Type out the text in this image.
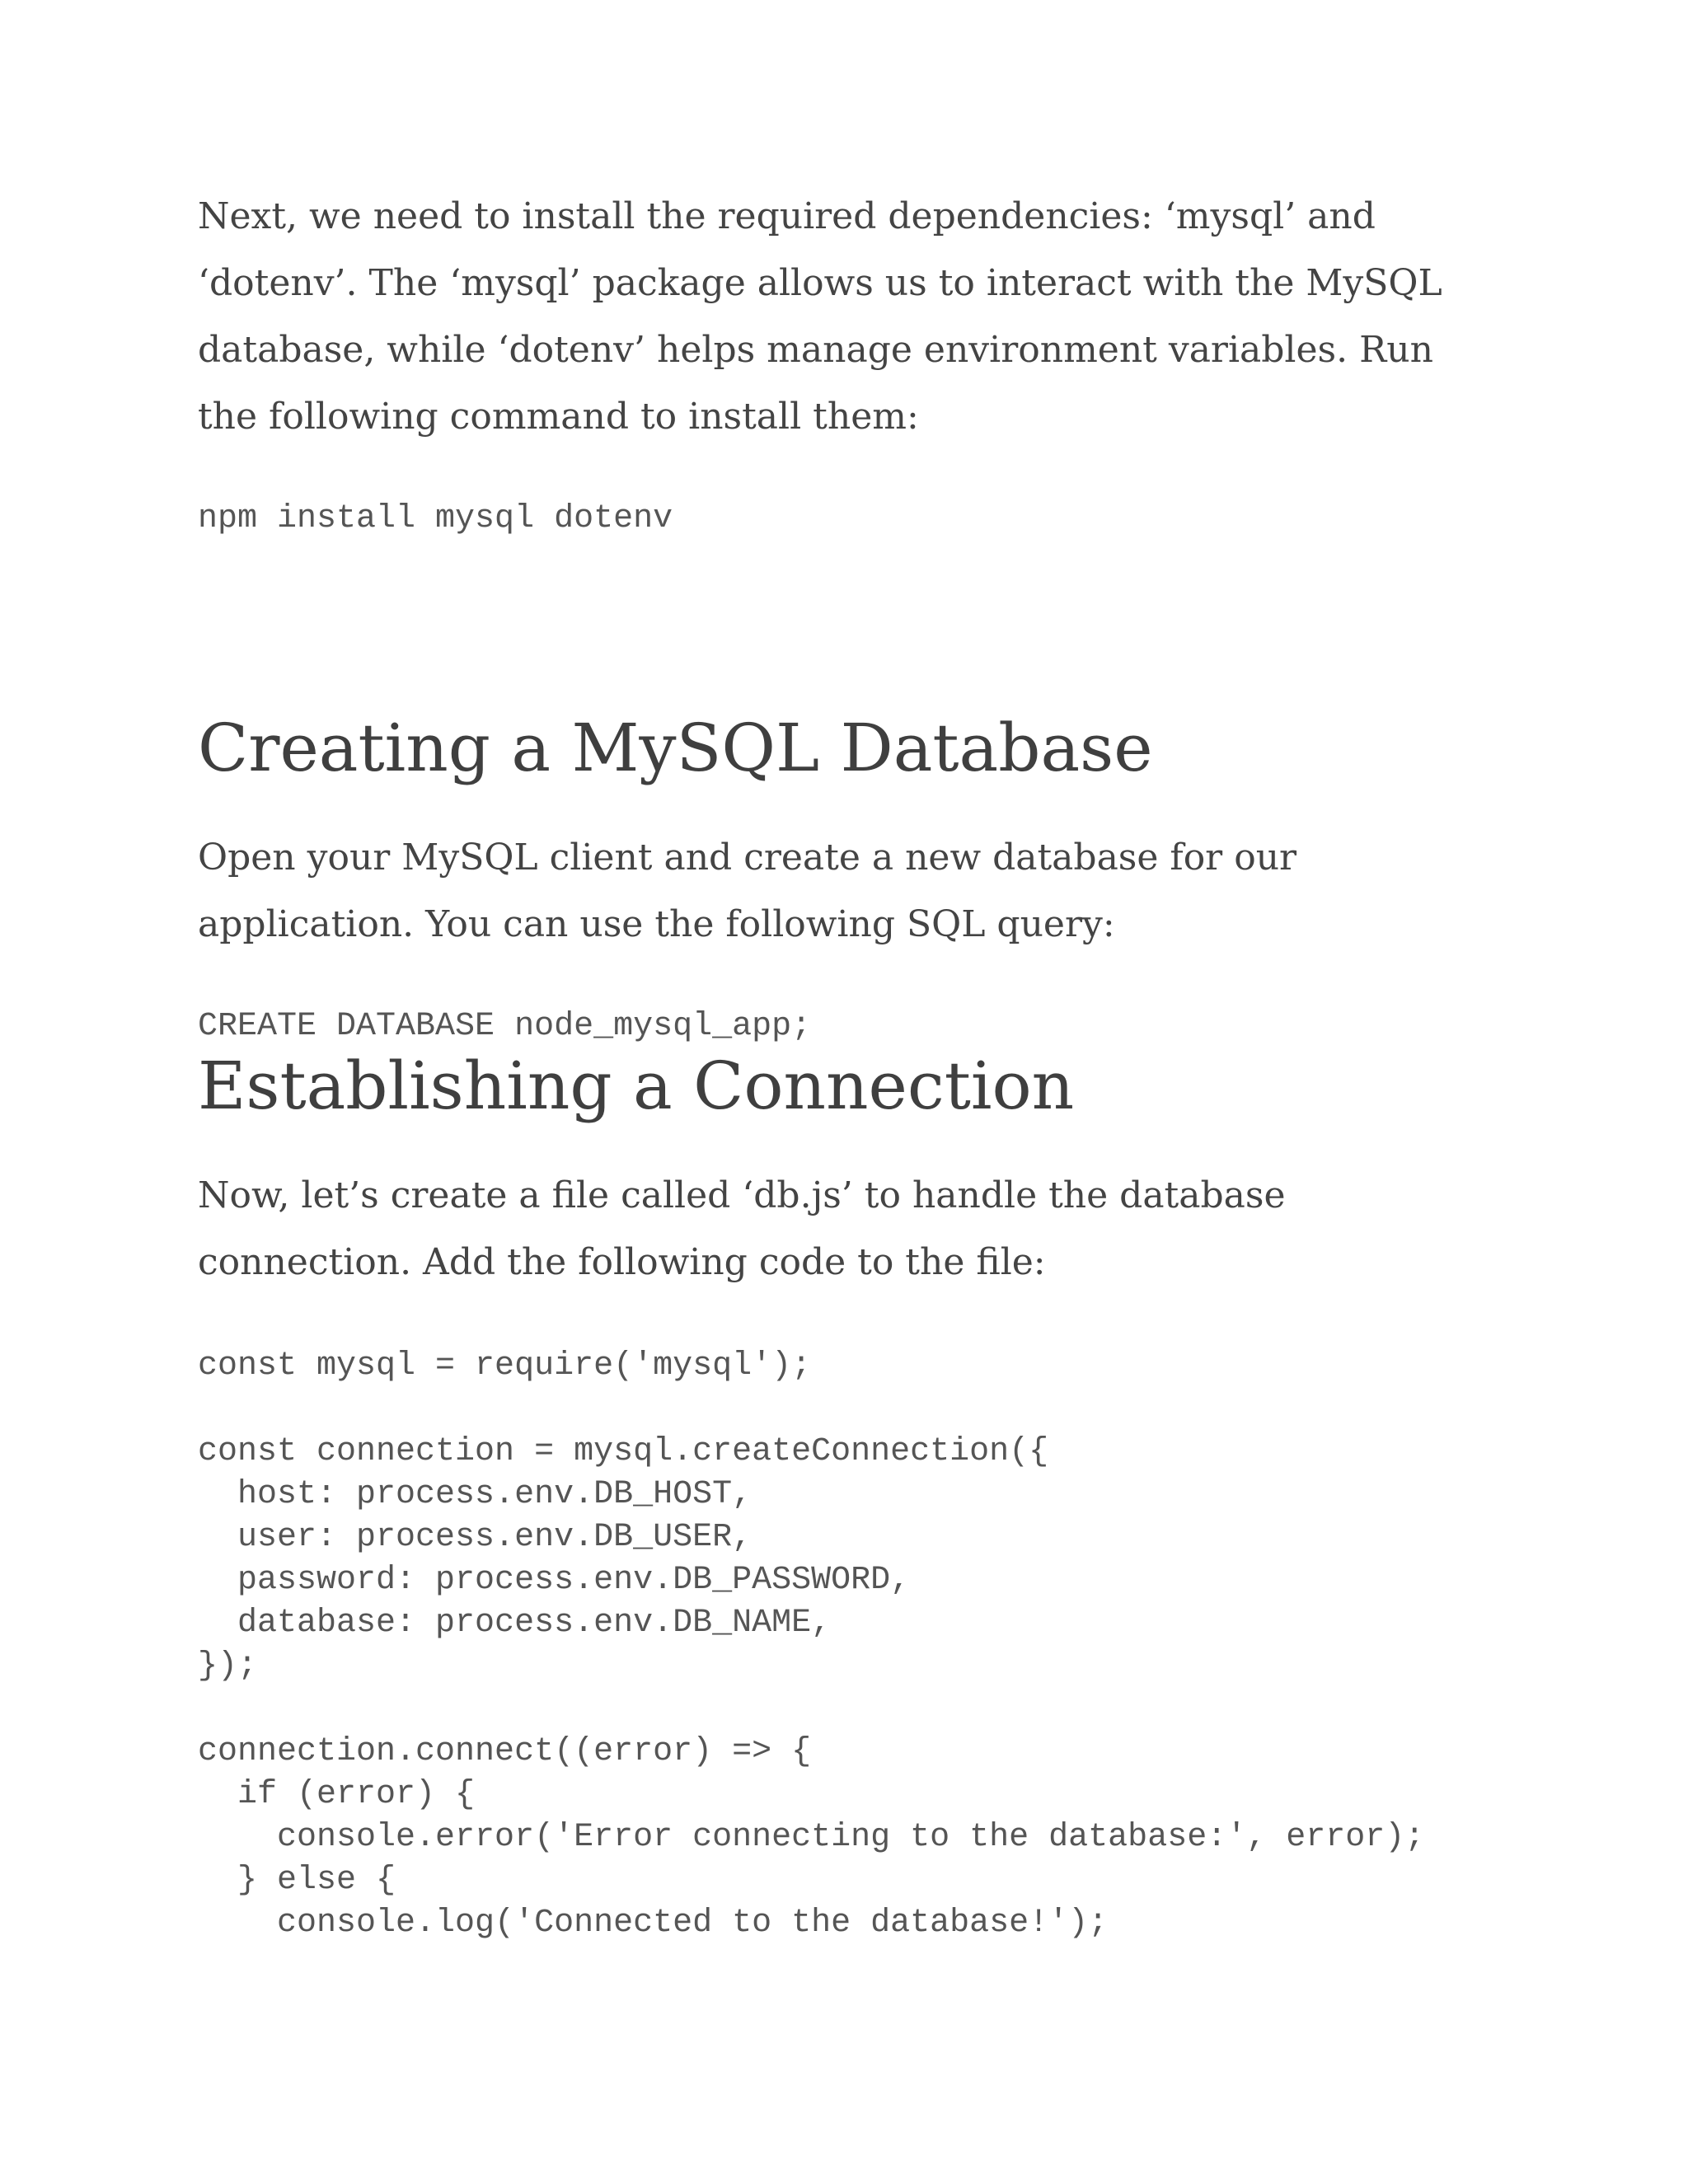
Next, we need to install the required dependencies: ‘mysql’ and ‘dotenv’. The ‘mysql’ package allows us to interact with the MySQL database, while ‘dotenv’ helps manage environment variables. Run the following command to install them:

npm install mysql dotenv
Creating a MySQL Database

Open your MySQL client and create a new database for our application. You can use the following SQL query:

CREATE DATABASE node_mysql_app;
Establishing a Connection

Now, let’s create a file called ‘db.js’ to handle the database connection. Add the following code to the file:

const mysql = require('mysql');
const connection = mysql.createConnection({
host: process.env.DB_HOST,
user: process.env.DB_USER,
password: process.env.DB_PASSWORD,
database: process.env.DB_NAME,
});
connection.connect((error) => {
if (error) {
console.error('Error connecting to the database:', error);
} else {
console.log('Connected to the database!');
